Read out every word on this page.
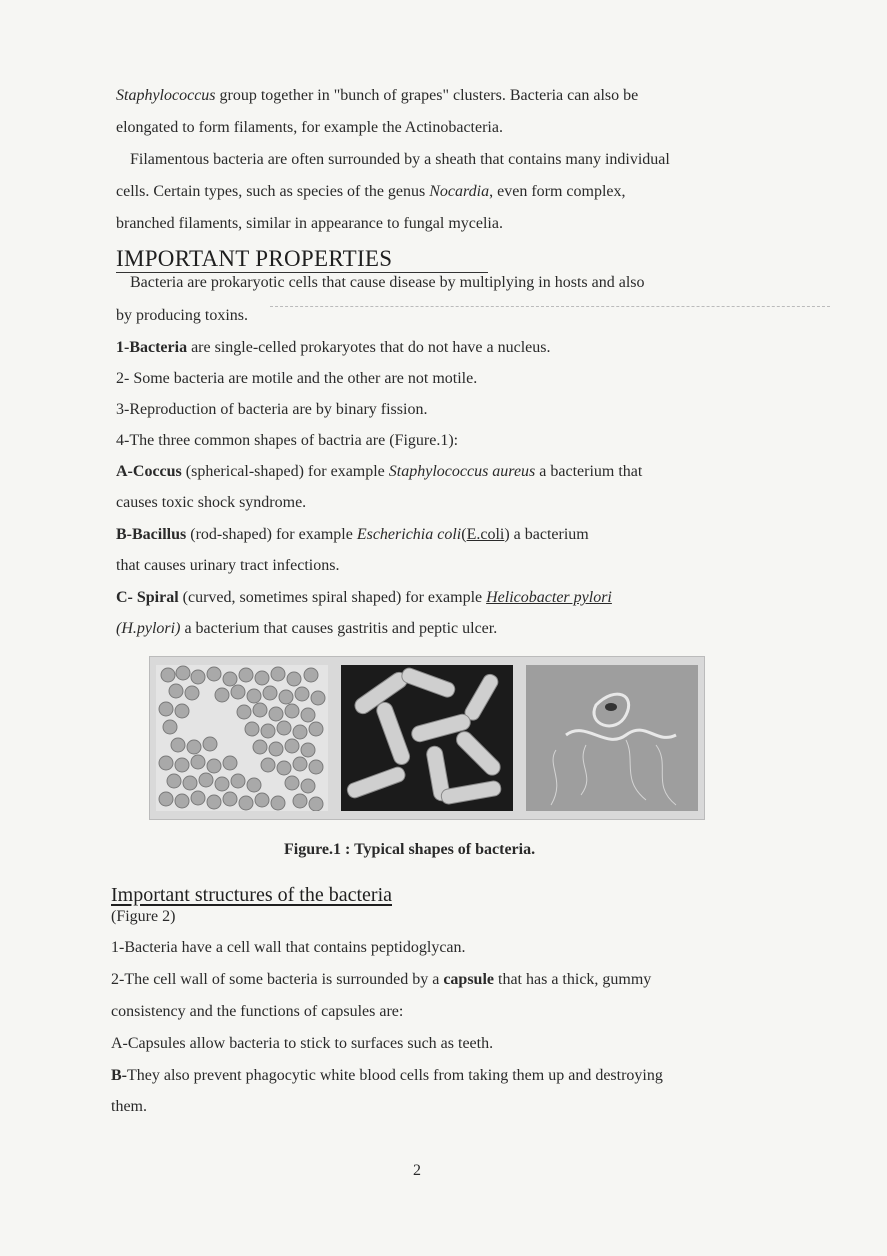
Staphylococcus group together in "bunch of grapes" clusters. Bacteria can also be
elongated to form filaments, for example the Actinobacteria.
Filamentous bacteria are often surrounded by a sheath that contains many individual
cells. Certain types, such as species of the genus Nocardia, even form complex,
branched filaments, similar in appearance to fungal mycelia.
IMPORTANT PROPERTIES
Bacteria are prokaryotic cells that cause disease by multiplying in hosts and also
by producing toxins.
1-Bacteria are single-celled prokaryotes that do not have a nucleus.
2- Some bacteria are motile and the other are not motile.
3-Reproduction of bacteria are by binary fission.
4-The three common shapes of bactria are (Figure.1):
A-Coccus (spherical-shaped) for example Staphylococcus aureus a bacterium that
causes toxic shock syndrome.
B-Bacillus (rod-shaped) for example Escherichia coli(E.coli) a bacterium
that causes urinary tract infections.
C- Spiral (curved, sometimes spiral shaped) for example Helicobacter pylori
(H.pylori) a bacterium that causes gastritis and peptic ulcer.
Figure.1 : Typical shapes of bacteria.
Important structures of the bacteria
(Figure 2)
1-Bacteria have a cell wall that contains peptidoglycan.
2-The cell wall of some bacteria is surrounded by a capsule that has a thick, gummy
consistency and the functions of capsules are:
A-Capsules allow bacteria to stick to surfaces such as teeth.
B-They also prevent phagocytic white blood cells from taking them up and destroying
them.
2
